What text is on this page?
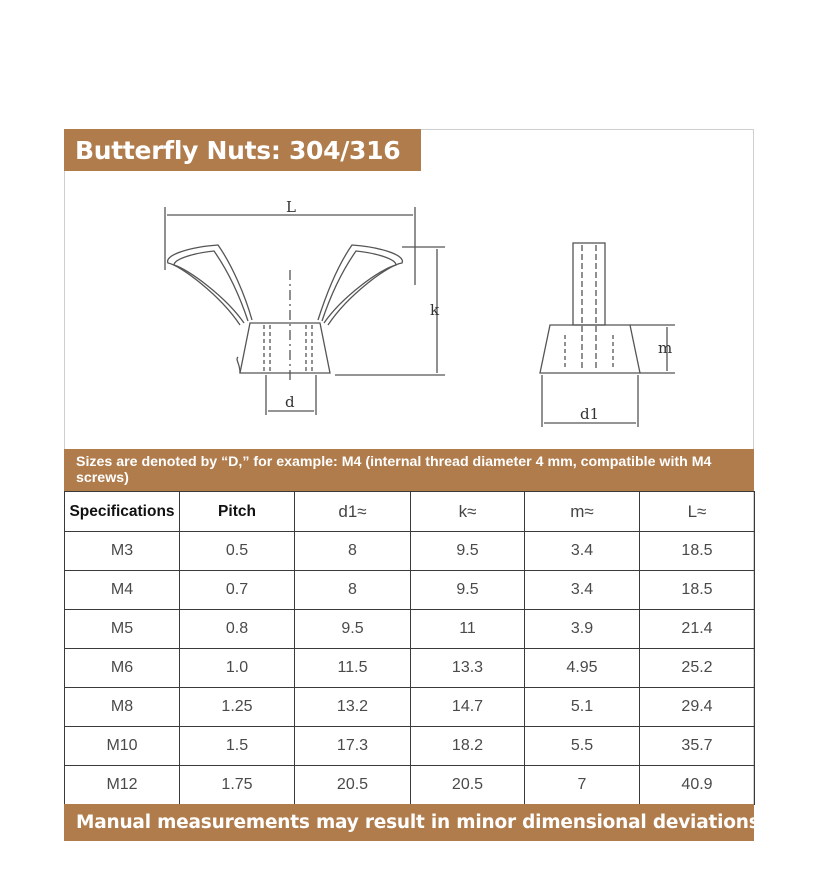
Butterfly Nuts: 304/316
L
k
d
m
d1
Sizes are denoted by “D,” for example: M4 (internal thread diameter 4 mm, compatible with M4 screws)
Specifications	Pitch	d1≈	k≈	m≈	L≈
M3	0.5	8	9.5	3.4	18.5
M4	0.7	8	9.5	3.4	18.5
M5	0.8	9.5	11	3.9	21.4
M6	1.0	11.5	13.3	4.95	25.2
M8	1.25	13.2	14.7	5.1	29.4
M10	1.5	17.3	18.2	5.5	35.7
M12	1.75	20.5	20.5	7	40.9
Manual measurements may result in minor dimensional deviations.
